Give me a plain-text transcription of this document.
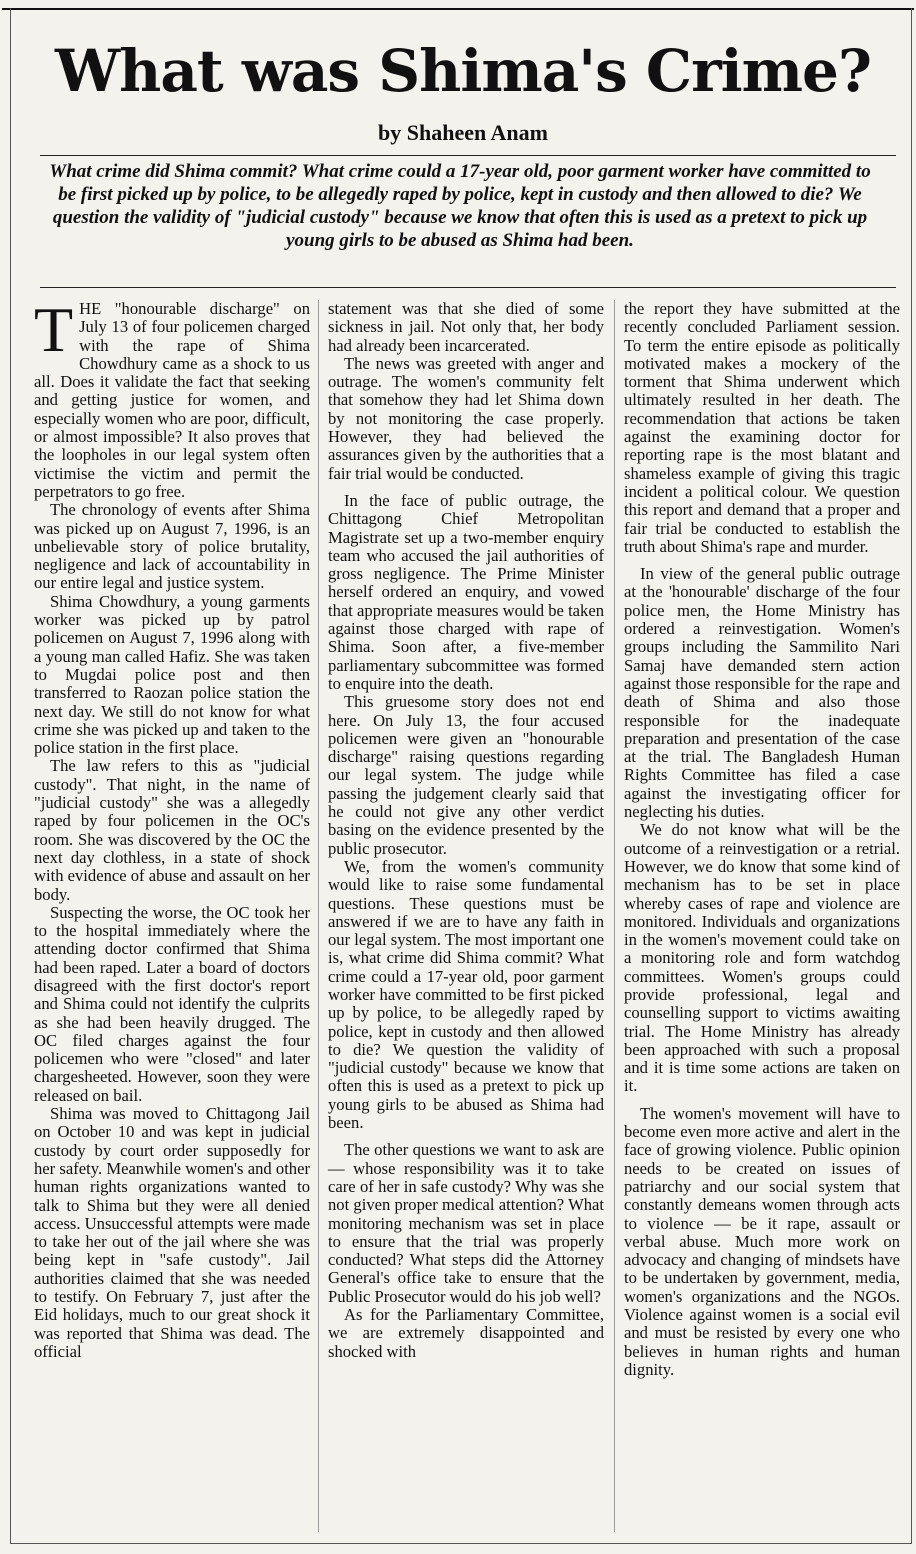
What was Shima's Crime?
by Shaheen Anam

What crime did Shima commit? What crime could a 17-year old, poor garment worker have committed to be first picked up by police, to be allegedly raped by police, kept in custody and then allowed to die? We question the validity of "judicial custody" because we know that often this is used as a pretext to pick up young girls to be abused as Shima had been.

THE "honourable discharge" on July 13 of four policemen charged with the rape of Shima Chowdhury came as a shock to us all. Does it validate the fact that seeking and getting justice for women, and especially women who are poor, difficult, or almost impossible? It also proves that the loopholes in our legal system often victimise the victim and permit the perpetrators to go free.

The chronology of events after Shima was picked up on August 7, 1996, is an unbelievable story of police brutality, negligence and lack of accountability in our entire legal and justice system.

Shima Chowdhury, a young garments worker was picked up by patrol policemen on August 7, 1996 along with a young man called Hafiz. She was taken to Mugdai police post and then transferred to Raozan police station the next day. We still do not know for what crime she was picked up and taken to the police station in the first place.

The law refers to this as "judicial custody". That night, in the name of "judicial custody" she was a allegedly raped by four policemen in the OC's room. She was discovered by the OC the next day clothless, in a state of shock with evidence of abuse and assault on her body.

Suspecting the worse, the OC took her to the hospital immediately where the attending doctor confirmed that Shima had been raped. Later a board of doctors disagreed with the first doctor's report and Shima could not identify the culprits as she had been heavily drugged. The OC filed charges against the four policemen who were "closed" and later chargesheeted. However, soon they were released on bail.

Shima was moved to Chittagong Jail on October 10 and was kept in judicial custody by court order supposedly for her safety. Meanwhile women's and other human rights organizations wanted to talk to Shima but they were all denied access. Unsuccessful attempts were made to take her out of the jail where she was being kept in "safe custody". Jail authorities claimed that she was needed to testify. On February 7, just after the Eid holidays, much to our great shock it was reported that Shima was dead. The official

statement was that she died of some sickness in jail. Not only that, her body had already been incarcerated.

The news was greeted with anger and outrage. The women's community felt that somehow they had let Shima down by not monitoring the case properly. However, they had believed the assurances given by the authorities that a fair trial would be conducted.

In the face of public outrage, the Chittagong Chief Metropolitan Magistrate set up a two-member enquiry team who accused the jail authorities of gross negligence. The Prime Minister herself ordered an enquiry, and vowed that appropriate measures would be taken against those charged with rape of Shima. Soon after, a five-member parliamentary subcommittee was formed to enquire into the death.

This gruesome story does not end here. On July 13, the four accused policemen were given an "honourable discharge" raising questions regarding our legal system. The judge while passing the judgement clearly said that he could not give any other verdict basing on the evidence presented by the public prosecutor.

We, from the women's community would like to raise some fundamental questions. These questions must be answered if we are to have any faith in our legal system. The most important one is, what crime did Shima commit? What crime could a 17-year old, poor garment worker have committed to be first picked up by police, to be allegedly raped by police, kept in custody and then allowed to die? We question the validity of "judicial custody" because we know that often this is used as a pretext to pick up young girls to be abused as Shima had been.

The other questions we want to ask are — whose responsibility was it to take care of her in safe custody? Why was she not given proper medical attention? What monitoring mechanism was set in place to ensure that the trial was properly conducted? What steps did the Attorney General's office take to ensure that the Public Prosecutor would do his job well?

As for the Parliamentary Committee, we are extremely disappointed and shocked with

the report they have submitted at the recently concluded Parliament session. To term the entire episode as politically motivated makes a mockery of the torment that Shima underwent which ultimately resulted in her death. The recommendation that actions be taken against the examining doctor for reporting rape is the most blatant and shameless example of giving this tragic incident a political colour. We question this report and demand that a proper and fair trial be conducted to establish the truth about Shima's rape and murder.

In view of the general public outrage at the 'honourable' discharge of the four police men, the Home Ministry has ordered a reinvestigation. Women's groups including the Sammilito Nari Samaj have demanded stern action against those responsible for the rape and death of Shima and also those responsible for the inadequate preparation and presentation of the case at the trial. The Bangladesh Human Rights Committee has filed a case against the investigating officer for neglecting his duties.

We do not know what will be the outcome of a reinvestigation or a retrial. However, we do know that some kind of mechanism has to be set in place whereby cases of rape and violence are monitored. Individuals and organizations in the women's movement could take on a monitoring role and form watchdog committees. Women's groups could provide professional, legal and counselling support to victims awaiting trial. The Home Ministry has already been approached with such a proposal and it is time some actions are taken on it.

The women's movement will have to become even more active and alert in the face of growing violence. Public opinion needs to be created on issues of patriarchy and our social system that constantly demeans women through acts to violence — be it rape, assault or verbal abuse. Much more work on advocacy and changing of mindsets have to be undertaken by government, media, women's organizations and the NGOs. Violence against women is a social evil and must be resisted by every one who believes in human rights and human dignity.
